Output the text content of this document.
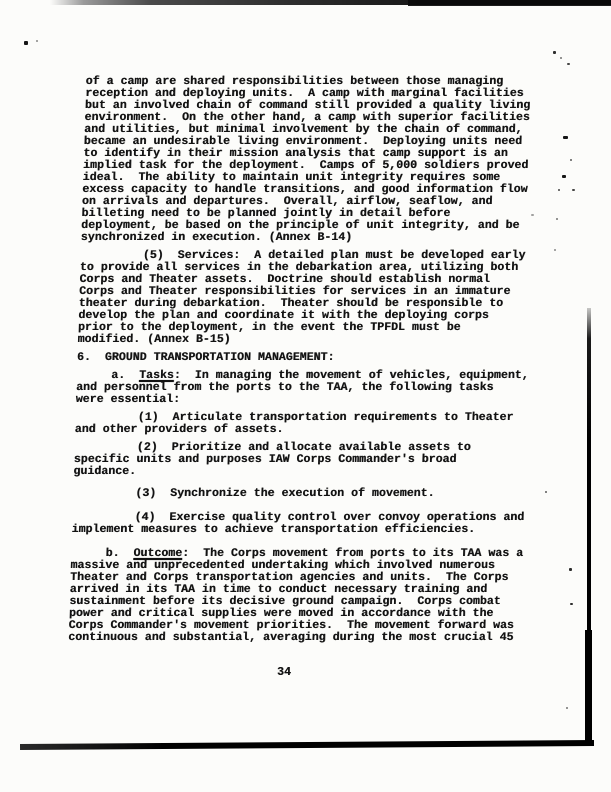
of a camp are shared responsibilities between those managing
reception and deploying units.  A camp with marginal facilities
but an involved chain of command still provided a quality living
environment.  On the other hand, a camp with superior facilities
and utilities, but minimal involvement by the chain of command,
became an undesirable living environment.  Deploying units need
to identify in their mission analysis that camp support is an
implied task for the deployment.  Camps of 5,000 soldiers proved
ideal.  The ability to maintain unit integrity requires some
excess capacity to handle transitions, and good information flow
on arrivals and departures.  Overall, airflow, seaflow, and
billeting need to be planned jointly in detail before
deployment, be based on the principle of unit integrity, and be
synchronized in execution. (Annex B-14)
(5)  Services:  A detailed plan must be developed early
to provide all services in the debarkation area, utilizing both
Corps and Theater assets.  Doctrine should establish normal
Corps and Theater responsibilities for services in an immature
theater during debarkation.  Theater should be responsible to
develop the plan and coordinate it with the deploying corps
prior to the deployment, in the event the TPFDL must be
modified. (Annex B-15)
6.  GROUND TRANSPORTATION MANAGEMENT:
a.  Tasks:  In managing the movement of vehicles, equipment,
and personnel from the ports to the TAA, the following tasks
were essential:
(1)  Articulate transportation requirements to Theater
and other providers of assets.
(2)  Prioritize and allocate available assets to
specific units and purposes IAW Corps Commander's broad
guidance.
(3)  Synchronize the execution of movement.
(4)  Exercise quality control over convoy operations and
implement measures to achieve transportation efficiencies.
b.  Outcome:  The Corps movement from ports to its TAA was a
massive and unprecedented undertaking which involved numerous
Theater and Corps transportation agencies and units.  The Corps
arrived in its TAA in time to conduct necessary training and
sustainment before its decisive ground campaign.  Corps combat
power and critical supplies were moved in accordance with the
Corps Commander's movement priorities.  The movement forward was
continuous and substantial, averaging during the most crucial 45
34
